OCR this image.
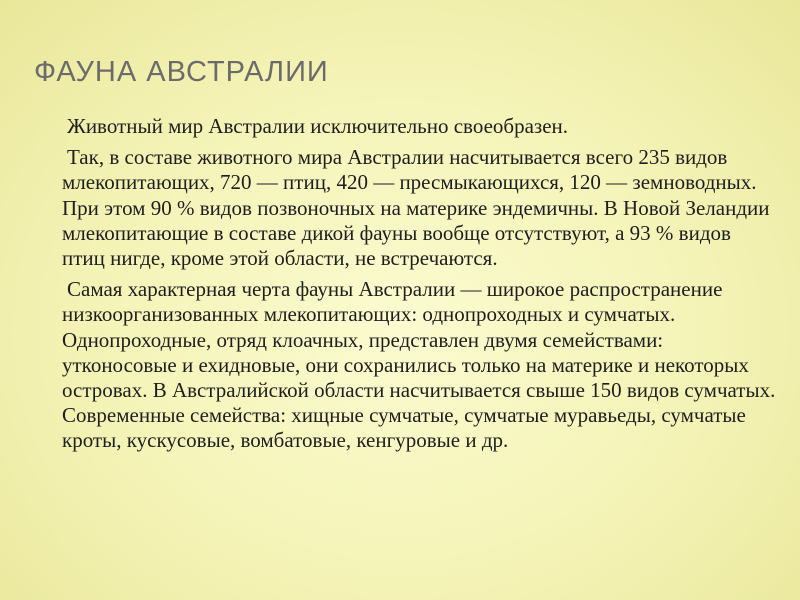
ФАУНА АВСТРАЛИИ

Животный мир Австралии исключительно своеобразен.

Так, в составе животного мира Австралии насчитывается всего 235 видов млекопитающих, 720 — птиц, 420 — пресмыкающихся, 120 — земноводных. При этом 90 % видов позвоночных на материке эндемичны. В Новой Зеландии млекопитающие в составе дикой фауны вообще отсутствуют, а 93 % видов птиц нигде, кроме этой области, не встречаются.

Самая характерная черта фауны Австралии — широкое распространение низкоорганизованных млекопитающих: однопроходных и сумчатых. Однопроходные, отряд клоачных, представлен двумя семействами: утконосовые и ехидновые, они сохранились только на материке и некоторых островах. В Австралийской области насчитывается свыше 150 видов сумчатых. Современные семейства: хищные сумчатые, сумчатые муравьеды, сумчатые кроты, кускусовые, вомбатовые, кенгуровые и др.
